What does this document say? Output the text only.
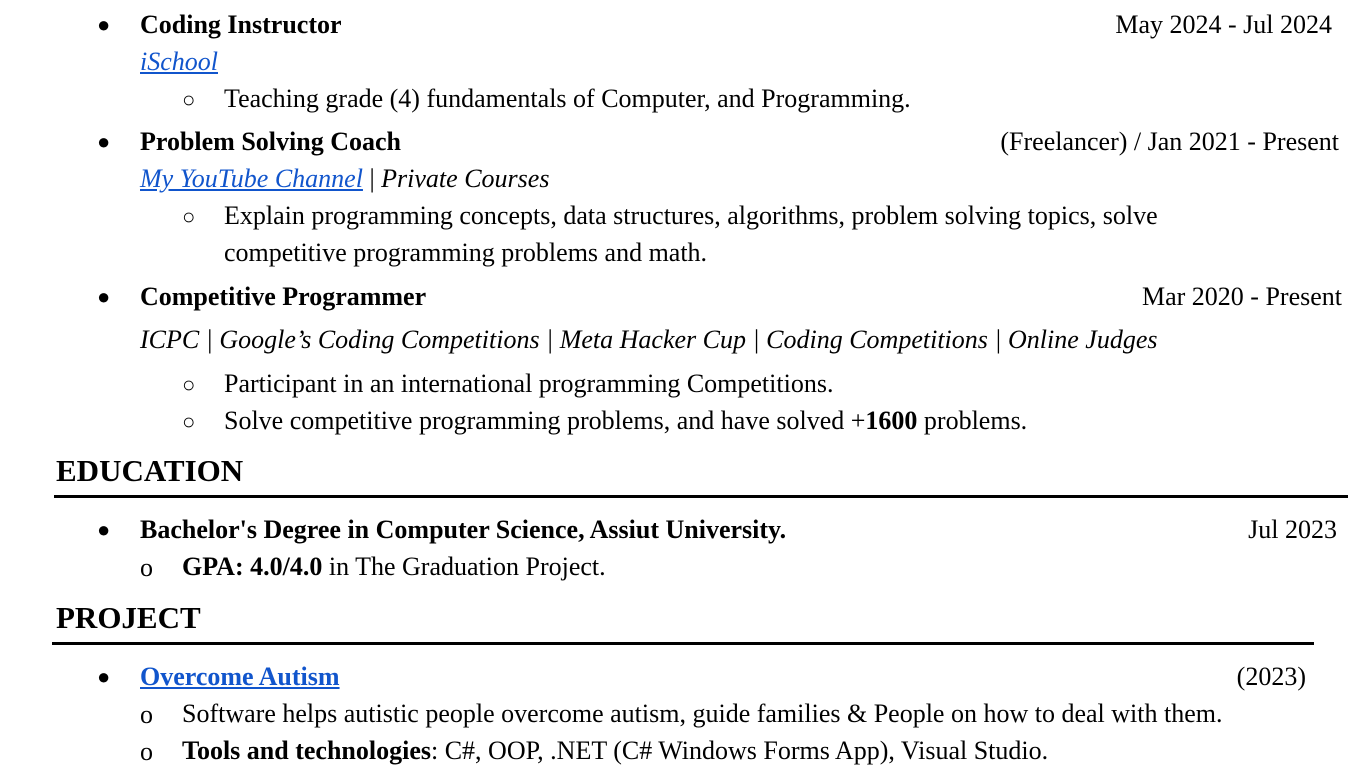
● Coding Instructor	May 2024 - Jul 2024
iSchool
○ Teaching grade (4) fundamentals of Computer, and Programming.
● Problem Solving Coach	(Freelancer) / Jan 2021 - Present
My YouTube Channel | Private Courses
○ Explain programming concepts, data structures, algorithms, problem solving topics, solve
competitive programming problems and math.
● Competitive Programmer	Mar 2020 - Present
ICPC | Google’s Coding Competitions | Meta Hacker Cup | Coding Competitions | Online Judges
○ Participant in an international programming Competitions.
○ Solve competitive programming problems, and have solved +1600 problems.
EDUCATION
● Bachelor's Degree in Computer Science, Assiut University.	Jul 2023
o GPA: 4.0/4.0 in The Graduation Project.
PROJECT
● Overcome Autism	(2023)
o Software helps autistic people overcome autism, guide families & People on how to deal with them.
o Tools and technologies: C#, OOP, .NET (C# Windows Forms App), Visual Studio.
